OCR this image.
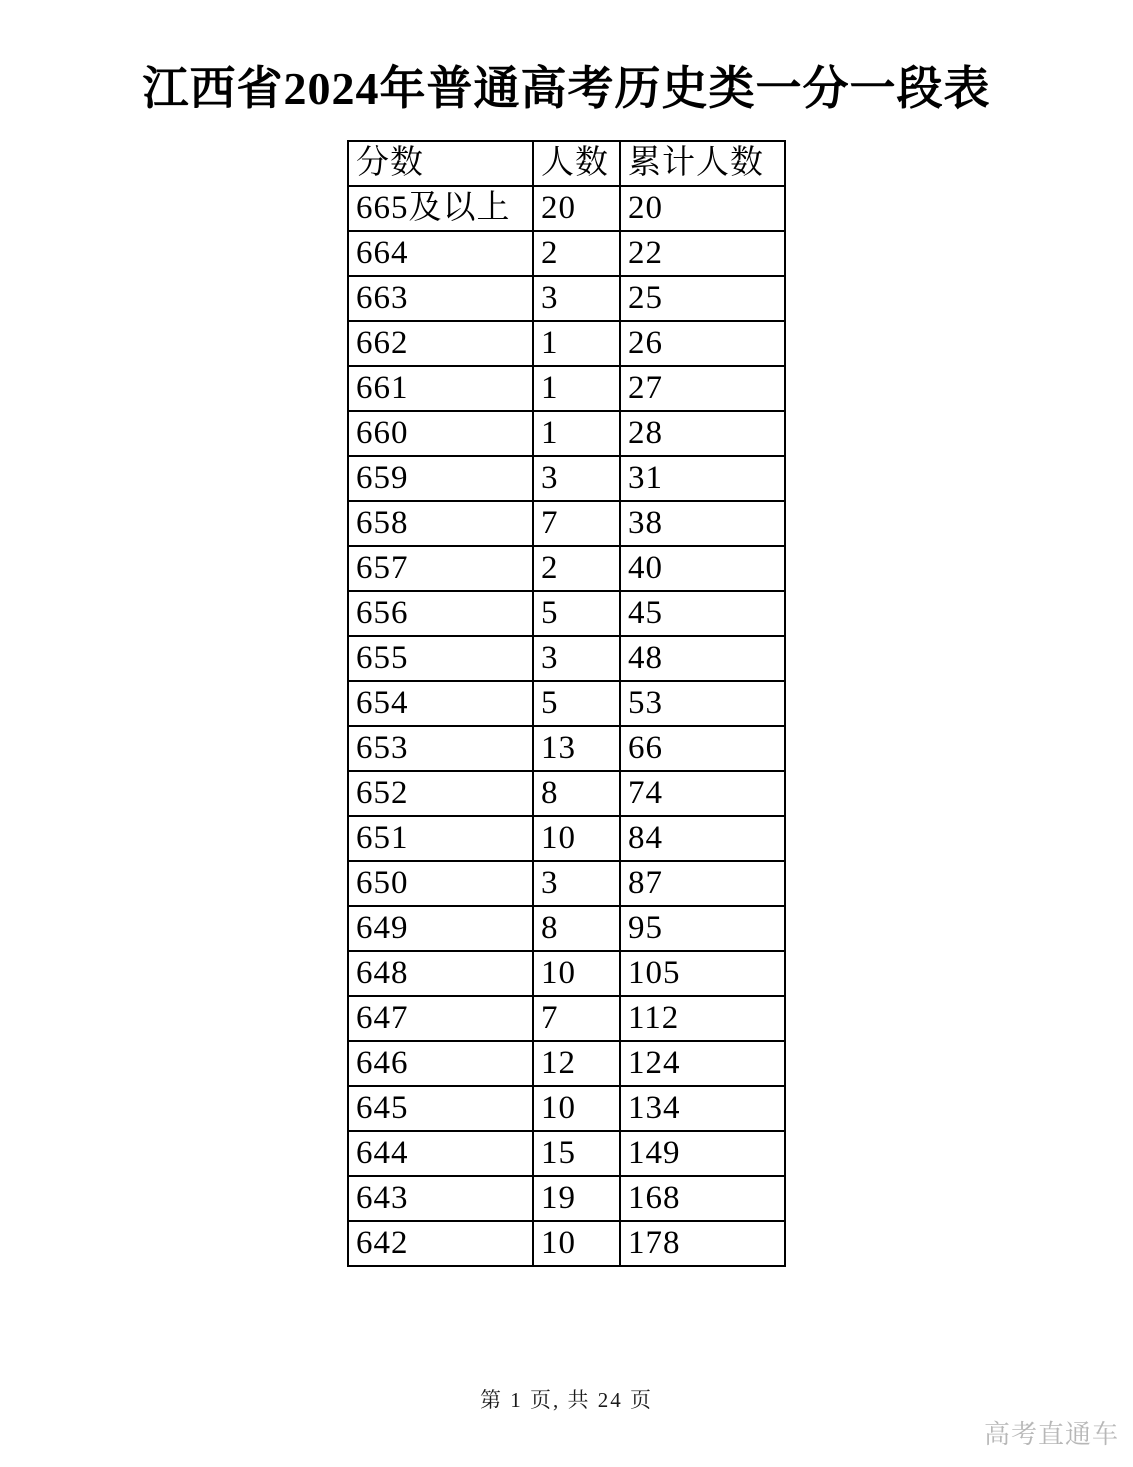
江西省2024年普通高考历史类一分一段表
分数	人数	累计人数
665及以上	20	20
664	2	22
663	3	25
662	1	26
661	1	27
660	1	28
659	3	31
658	7	38
657	2	40
656	5	45
655	3	48
654	5	53
653	13	66
652	8	74
651	10	84
650	3	87
649	8	95
648	10	105
647	7	112
646	12	124
645	10	134
644	15	149
643	19	168
642	10	178
第 1 页, 共 24 页
高考直通车
